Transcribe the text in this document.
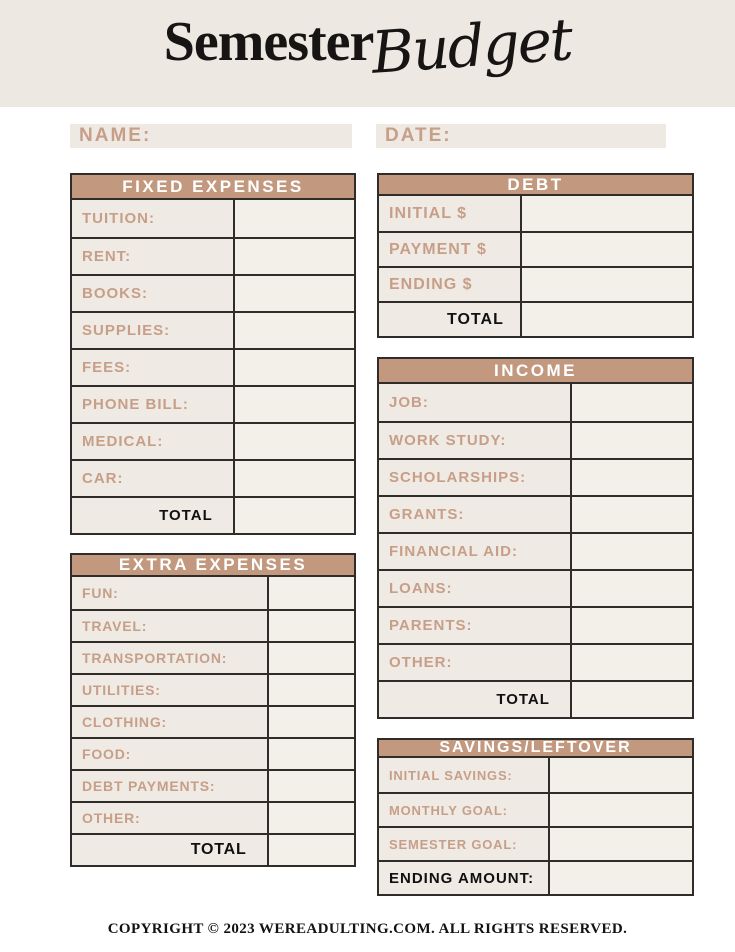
SemesterBudget
NAME:	DATE:
FIXED EXPENSES
TUITION:
RENT:
BOOKS:
SUPPLIES:
FEES:
PHONE BILL:
MEDICAL:
CAR:
TOTAL
EXTRA EXPENSES
FUN:
TRAVEL:
TRANSPORTATION:
UTILITIES:
CLOTHING:
FOOD:
DEBT PAYMENTS:
OTHER:
TOTAL
DEBT
INITIAL $
PAYMENT $
ENDING $
TOTAL
INCOME
JOB:
WORK STUDY:
SCHOLARSHIPS:
GRANTS:
FINANCIAL AID:
LOANS:
PARENTS:
OTHER:
TOTAL
SAVINGS/LEFTOVER
INITIAL SAVINGS:
MONTHLY GOAL:
SEMESTER GOAL:
ENDING AMOUNT:
COPYRIGHT © 2023 WEREADULTING.COM. ALL RIGHTS RESERVED.
